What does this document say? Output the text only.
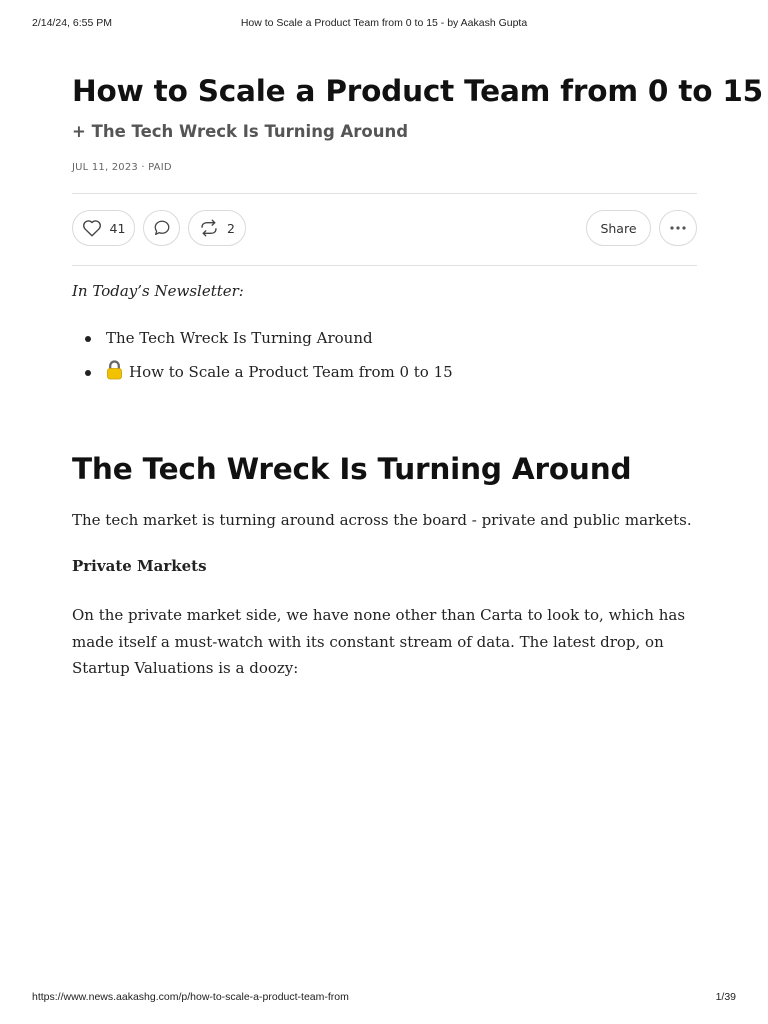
2/14/24, 6:55 PM	How to Scale a Product Team from 0 to 15 - by Aakash Gupta
How to Scale a Product Team from 0 to 15
+ The Tech Wreck Is Turning Around
JUL 11, 2023 · PAID
41	2	Share

In Today’s Newsletter:

The Tech Wreck Is Turning Around
How to Scale a Product Team from 0 to 15
The Tech Wreck Is Turning Around

The tech market is turning around across the board - private and public markets.

Private Markets

On the private market side, we have none other than Carta to look to, which has made itself a must-watch with its constant stream of data. The latest drop, on Startup Valuations is a doozy:

https://www.news.aakashg.com/p/how-to-scale-a-product-team-from	1/39
